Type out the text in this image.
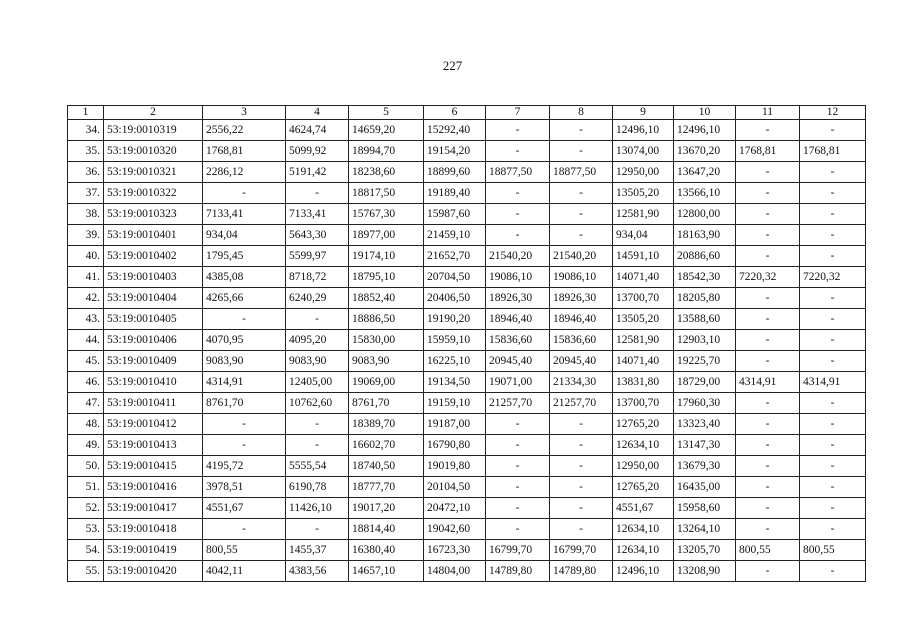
227
1	2	3	4	5	6	7	8	9	10	11	12
34.	53:19:0010319	2556,22	4624,74	14659,20	15292,40	-	-	12496,10	12496,10	-	-
35.	53:19:0010320	1768,81	5099,92	18994,70	19154,20	-	-	13074,00	13670,20	1768,81	1768,81
36.	53:19:0010321	2286,12	5191,42	18238,60	18899,60	18877,50	18877,50	12950,00	13647,20	-	-
37.	53:19:0010322	-	-	18817,50	19189,40	-	-	13505,20	13566,10	-	-
38.	53:19:0010323	7133,41	7133,41	15767,30	15987,60	-	-	12581,90	12800,00	-	-
39.	53:19:0010401	934,04	5643,30	18977,00	21459,10	-	-	934,04	18163,90	-	-
40.	53:19:0010402	1795,45	5599,97	19174,10	21652,70	21540,20	21540,20	14591,10	20886,60	-	-
41.	53:19:0010403	4385,08	8718,72	18795,10	20704,50	19086,10	19086,10	14071,40	18542,30	7220,32	7220,32
42.	53:19:0010404	4265,66	6240,29	18852,40	20406,50	18926,30	18926,30	13700,70	18205,80	-	-
43.	53:19:0010405	-	-	18886,50	19190,20	18946,40	18946,40	13505,20	13588,60	-	-
44.	53:19:0010406	4070,95	4095,20	15830,00	15959,10	15836,60	15836,60	12581,90	12903,10	-	-
45.	53:19:0010409	9083,90	9083,90	9083,90	16225,10	20945,40	20945,40	14071,40	19225,70	-	-
46.	53:19:0010410	4314,91	12405,00	19069,00	19134,50	19071,00	21334,30	13831,80	18729,00	4314,91	4314,91
47.	53:19:0010411	8761,70	10762,60	8761,70	19159,10	21257,70	21257,70	13700,70	17960,30	-	-
48.	53:19:0010412	-	-	18389,70	19187,00	-	-	12765,20	13323,40	-	-
49.	53:19:0010413	-	-	16602,70	16790,80	-	-	12634,10	13147,30	-	-
50.	53:19:0010415	4195,72	5555,54	18740,50	19019,80	-	-	12950,00	13679,30	-	-
51.	53:19:0010416	3978,51	6190,78	18777,70	20104,50	-	-	12765,20	16435,00	-	-
52.	53:19:0010417	4551,67	11426,10	19017,20	20472,10	-	-	4551,67	15958,60	-	-
53.	53:19:0010418	-	-	18814,40	19042,60	-	-	12634,10	13264,10	-	-
54.	53:19:0010419	800,55	1455,37	16380,40	16723,30	16799,70	16799,70	12634,10	13205,70	800,55	800,55
55.	53:19:0010420	4042,11	4383,56	14657,10	14804,00	14789,80	14789,80	12496,10	13208,90	-	-
